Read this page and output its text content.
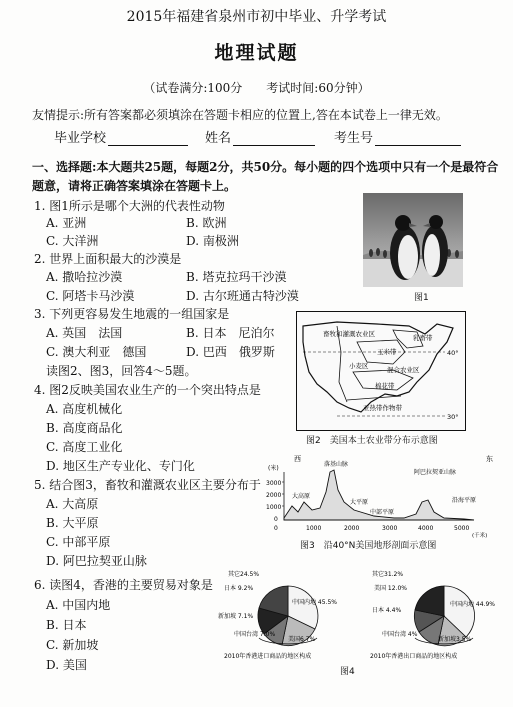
2015年福建省泉州市初中毕业、升学考试
地理试题
（试卷满分:100分　　考试时间:60分钟）
友情提示:所有答案都必须填涂在答题卡相应的位置上,答在本试卷上一律无效。
毕业学校	姓名	考生号
一、选择题:本大题共25题，每题2分，共50分。每小题的四个选项中只有一个是最符合题意，请将正确答案填涂在答题卡上。
1. 图1所示是哪个大洲的代表性动物
A. 亚洲	B. 欧洲
C. 大洋洲	D. 南极洲
2. 世界上面积最大的沙漠是
A. 撒哈拉沙漠	B. 塔克拉玛干沙漠
C. 阿塔卡马沙漠	D. 古尔班通古特沙漠
3. 下列更容易发生地震的一组国家是
A. 英国　法国	B. 日本　尼泊尔
C. 澳大利亚　德国	D. 巴西　俄罗斯
读图2、图3，回答4～5题。
4. 图2反映美国农业生产的一个突出特点是
A. 高度机械化
B. 高度商品化
C. 高度工业化
D. 地区生产专业化、专门化
5. 结合图3，畜牧和灌溉农业区主要分布于
A. 大高原
B. 大平原
C. 中部平原
D. 阿巴拉契亚山脉
6. 读图4，香港的主要贸易对象是
A. 中国内地
B. 日本
C. 新加坡
D. 美国
图1
畜牧和灌溉农业区	乳畜带
玉米带
小麦区	混合农业区
棉花带
亚热带作物带
40°
30°
图2　美国本土农业带分布示意图
西	东
(米)
3000
2000
1000
0
0	1000	2000	3000	4000	5000
(千米)
落基山脉
大高原
大平原
中部平原
阿巴拉契亚山脉
沿海平原
图3　沿40°N美国地形剖面示意图
其它24.5%
日本 9.2%
新加坡 7.1%
中国台湾 7.0%
美国6.7%
中国内地 45.5%
2010年香港进口商品的地区构成
其它31.2%
美国 12.0%
日本 4.4%
中国台湾 4%
新加坡3.5%
中国内地 44.9%
2010年香港出口商品的地区构成
图4
